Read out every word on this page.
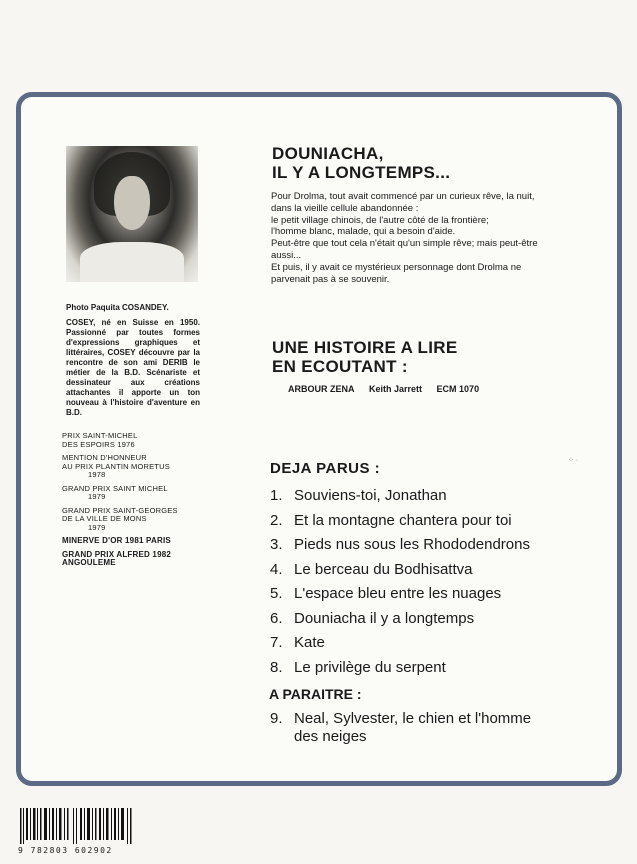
Photo Paquita COSANDEY.
COSEY, né en Suisse en 1950. Passionné par toutes formes d'expressions graphiques et littéraires, COSEY découvre par la rencontre de son ami DERIB le métier de la B.D. Scénariste et dessinateur aux créations attachantes il apporte un ton nouveau à l'histoire d'aventure en B.D.
PRIX SAINT-MICHEL
DES ESPOIRS 1976
MENTION D'HONNEUR
AU PRIX PLANTIN MORETUS
1978
GRAND PRIX SAINT MICHEL
1979
GRAND PRIX SAINT-GEORGES
DE LA VILLE DE MONS
1979
MINERVE D'OR 1981 PARIS
GRAND PRIX ALFRED 1982 ANGOULEME
DOUNIACHA,
IL Y A LONGTEMPS...
Pour Drolma, tout avait commencé par un curieux rêve, la nuit,
dans la vieille cellule abandonnée :
le petit village chinois, de l'autre côté de la frontière;
l'homme blanc, malade, qui a besoin d'aide.
Peut-être que tout cela n'était qu'un simple rêve; mais peut-être
aussi...
Et puis, il y avait ce mystérieux personnage dont Drolma ne
parvenait pas à se souvenir.
UNE HISTOIRE A LIRE
EN ECOUTANT :
ARBOUR ZENA Keith Jarrett ECM 1070
⁘ ·
DEJA PARUS :
1. Souviens-toi, Jonathan
2. Et la montagne chantera pour toi
3. Pieds nus sous les Rhododendrons
4. Le berceau du Bodhisattva
5. L'espace bleu entre les nuages
6. Douniacha il y a longtemps
7. Kate
8. Le privilège du serpent
A PARAITRE :
9. Neal, Sylvester, le chien et l'homme
des neiges
9 782803 602902
